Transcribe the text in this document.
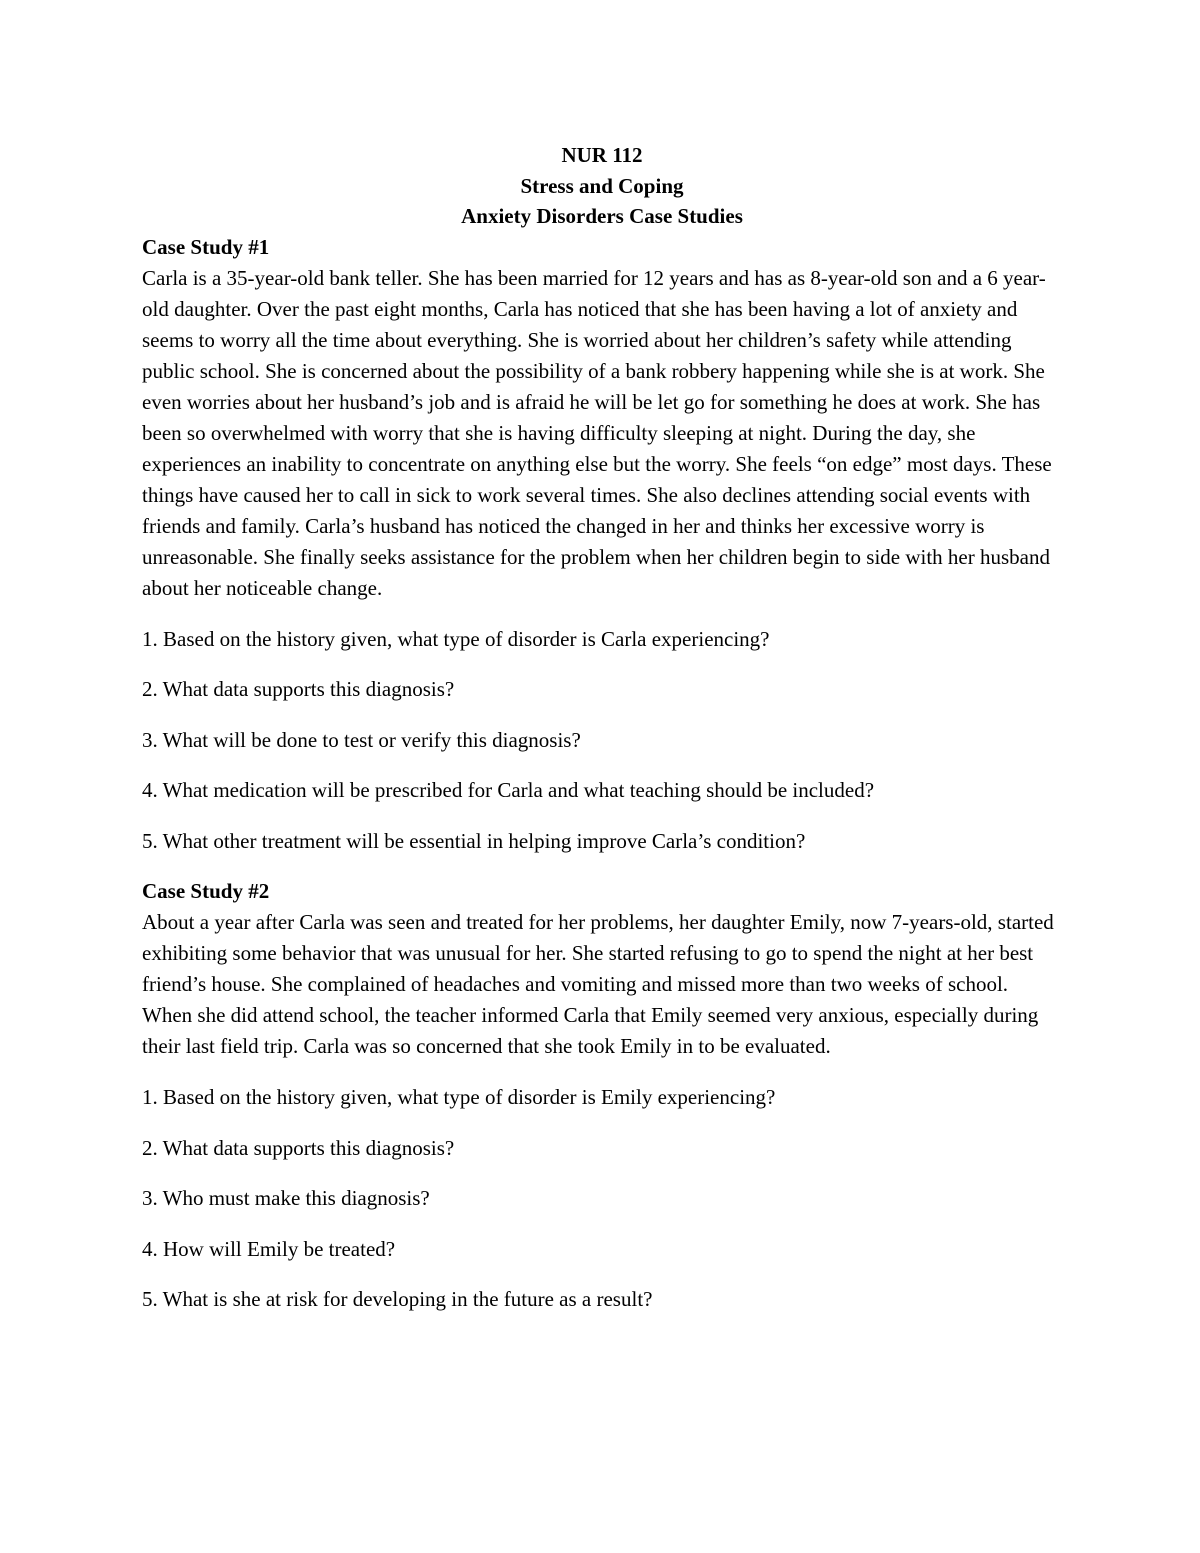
NUR 112
Stress and Coping
Anxiety Disorders Case Studies
Case Study #1

Carla is a 35-year-old bank teller. She has been married for 12 years and has as 8-year-old son and a 6 year-old daughter. Over the past eight months, Carla has noticed that she has been having a lot of anxiety and seems to worry all the time about everything. She is worried about her children’s safety while attending public school. She is concerned about the possibility of a bank robbery happening while she is at work. She even worries about her husband’s job and is afraid he will be let go for something he does at work. She has been so overwhelmed with worry that she is having difficulty sleeping at night. During the day, she experiences an inability to concentrate on anything else but the worry. She feels “on edge” most days. These things have caused her to call in sick to work several times. She also declines attending social events with friends and family. Carla’s husband has noticed the changed in her and thinks her excessive worry is unreasonable. She finally seeks assistance for the problem when her children begin to side with her husband about her noticeable change.

1. Based on the history given, what type of disorder is Carla experiencing?
2. What data supports this diagnosis?
3. What will be done to test or verify this diagnosis?
4. What medication will be prescribed for Carla and what teaching should be included?
5. What other treatment will be essential in helping improve Carla’s condition?
Case Study #2

About a year after Carla was seen and treated for her problems, her daughter Emily, now 7-years-old, started exhibiting some behavior that was unusual for her. She started refusing to go to spend the night at her best friend’s house. She complained of headaches and vomiting and missed more than two weeks of school. When she did attend school, the teacher informed Carla that Emily seemed very anxious, especially during their last field trip. Carla was so concerned that she took Emily in to be evaluated.

1. Based on the history given, what type of disorder is Emily experiencing?
2. What data supports this diagnosis?
3. Who must make this diagnosis?
4. How will Emily be treated?
5. What is she at risk for developing in the future as a result?
